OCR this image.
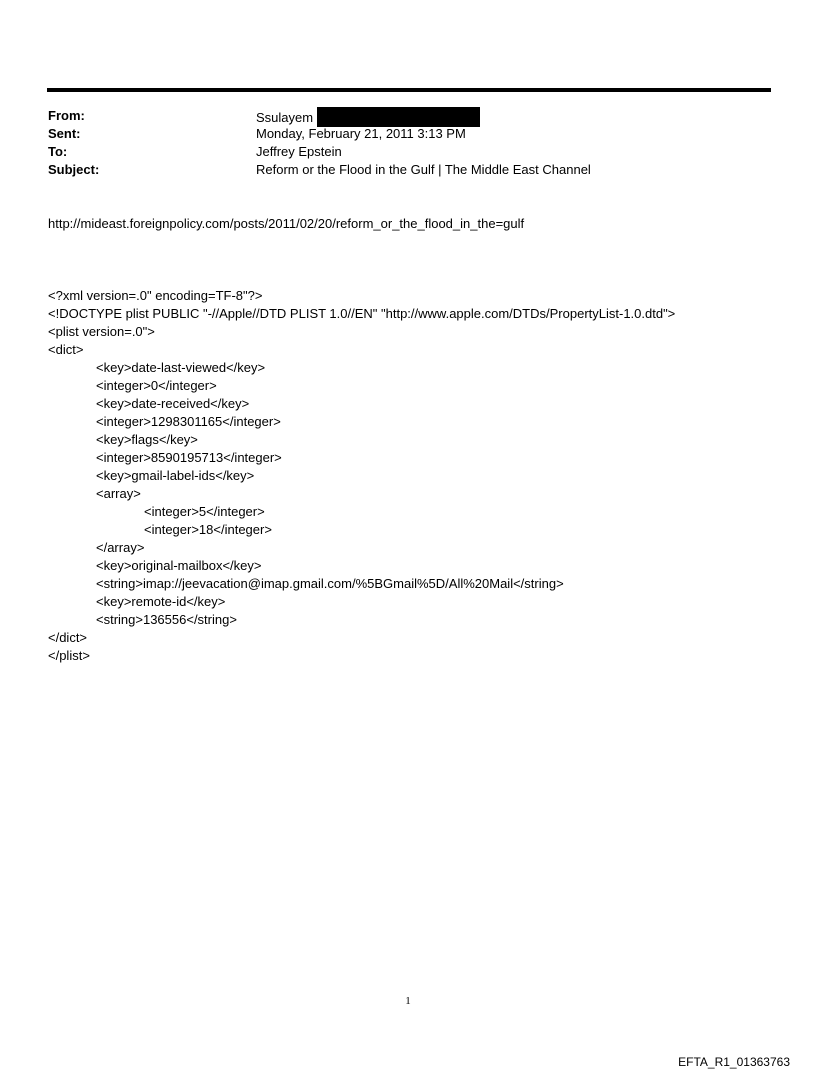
From:	Ssulayem
Sent:	Monday, February 21, 2011 3:13 PM
To:	Jeffrey Epstein
Subject:	Reform or the Flood in the Gulf | The Middle East Channel
http://mideast.foreignpolicy.com/posts/2011/02/20/reform_or_the_flood_in_the=gulf
<?xml version=.0" encoding=TF-8"?>
<!DOCTYPE plist PUBLIC "-//Apple//DTD PLIST 1.0//EN" "http://www.apple.com/DTDs/PropertyList-1.0.dtd">
<plist version=.0">
<dict>
<key>date-last-viewed</key>
<integer>0</integer>
<key>date-received</key>
<integer>1298301165</integer>
<key>flags</key>
<integer>8590195713</integer>
<key>gmail-label-ids</key>
<array>
<integer>5</integer>
<integer>18</integer>
</array>
<key>original-mailbox</key>
<string>imap://jeevacation@imap.gmail.com/%5BGmail%5D/All%20Mail</string>
<key>remote-id</key>
<string>136556</string>
</dict>
</plist>
1
EFTA_R1_01363763
